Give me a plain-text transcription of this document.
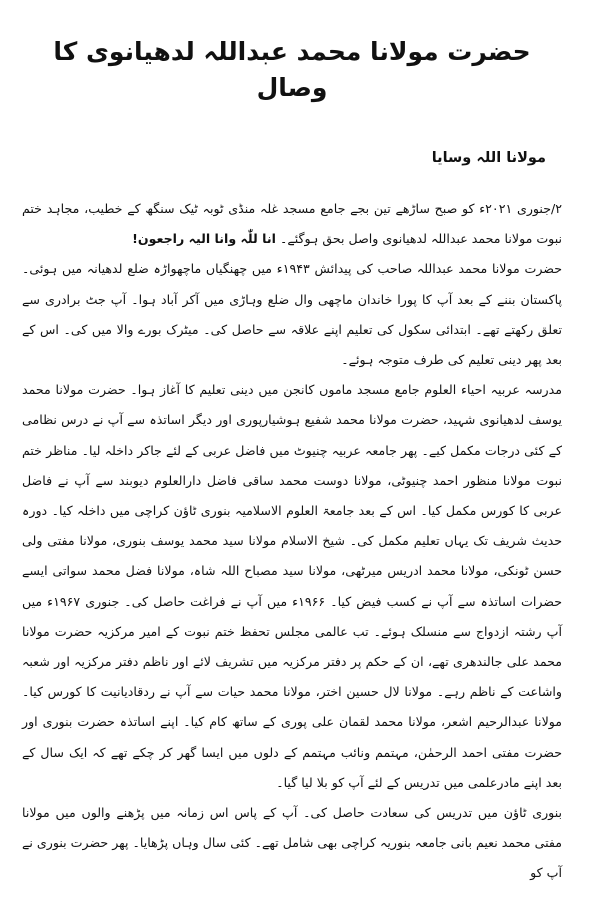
حضرت مولانا محمد عبداللہ لدھیانوی کا وصال
مولانا اللہ وسایا

۲/جنوری ۲۰۲۱ء کو صبح ساڑھے تین بجے جامع مسجد غلہ منڈی ٹوبہ ٹیک سنگھ کے خطیب، مجاہد ختم نبوت مولانا محمد عبداللہ لدھیانوی واصل بحق ہوگئے۔ انا للّٰہ وانا الیہ راجعون!

حضرت مولانا محمد عبداللہ صاحب کی پیدائش ۱۹۴۳ء میں چھنگیاں ماچھواڑہ ضلع لدھیانہ میں ہوئی۔ پاکستان بننے کے بعد آپ کا پورا خاندان ماچھی وال ضلع وہاڑی میں آکر آباد ہوا۔ آپ جٹ برادری سے تعلق رکھتے تھے۔ ابتدائی سکول کی تعلیم اپنے علاقہ سے حاصل کی۔ میٹرک بورے والا میں کی۔ اس کے بعد پھر دینی تعلیم کی طرف متوجہ ہوئے۔

مدرسہ عربیہ احیاء العلوم جامع مسجد ماموں کانجن میں دینی تعلیم کا آغاز ہوا۔ حضرت مولانا محمد یوسف لدھیانوی شہید، حضرت مولانا محمد شفیع ہوشیارپوری اور دیگر اساتذہ سے آپ نے درس نظامی کے کئی درجات مکمل کیے۔ پھر جامعہ عربیہ چنیوٹ میں فاضل عربی کے لئے جاکر داخلہ لیا۔ مناظر ختم نبوت مولانا منظور احمد چنیوٹی، مولانا دوست محمد ساقی فاضل دارالعلوم دیوبند سے آپ نے فاضل عربی کا کورس مکمل کیا۔ اس کے بعد جامعۃ العلوم الاسلامیہ بنوری ٹاؤن کراچی میں داخلہ کیا۔ دورہ حدیث شریف تک یہاں تعلیم مکمل کی۔ شیخ الاسلام مولانا سید محمد یوسف بنوری، مولانا مفتی ولی حسن ٹونکی، مولانا محمد ادریس میرٹھی، مولانا سید مصباح اللہ شاہ، مولانا فضل محمد سواتی ایسے حضرات اساتذہ سے آپ نے کسب فیض کیا۔ ۱۹۶۶ء میں آپ نے فراغت حاصل کی۔ جنوری ۱۹۶۷ء میں آپ رشتہ ازدواج سے منسلک ہوئے۔ تب عالمی مجلس تحفظ ختم نبوت کے امیر مرکزیہ حضرت مولانا محمد علی جالندھری تھے، ان کے حکم پر دفتر مرکزیہ میں تشریف لائے اور ناظم دفتر مرکزیہ اور شعبہ واشاعت کے ناظم رہے۔ مولانا لال حسین اختر، مولانا محمد حیات سے آپ نے ردقادیانیت کا کورس کیا۔ مولانا عبدالرحیم اشعر، مولانا محمد لقمان علی پوری کے ساتھ کام کیا۔ اپنے اساتذہ حضرت بنوری اور حضرت مفتی احمد الرحمٰن، مہتمم ونائب مہتمم کے دلوں میں ایسا گھر کر چکے تھے کہ ایک سال کے بعد اپنے مادرعلمی میں تدریس کے لئے آپ کو بلا لیا گیا۔

بنوری ٹاؤن میں تدریس کی سعادت حاصل کی۔ آپ کے پاس اس زمانہ میں پڑھنے والوں میں مولانا مفتی محمد نعیم بانی جامعہ بنوریہ کراچی بھی شامل تھے۔ کئی سال وہاں پڑھایا۔ پھر حضرت بنوری نے آپ کو
